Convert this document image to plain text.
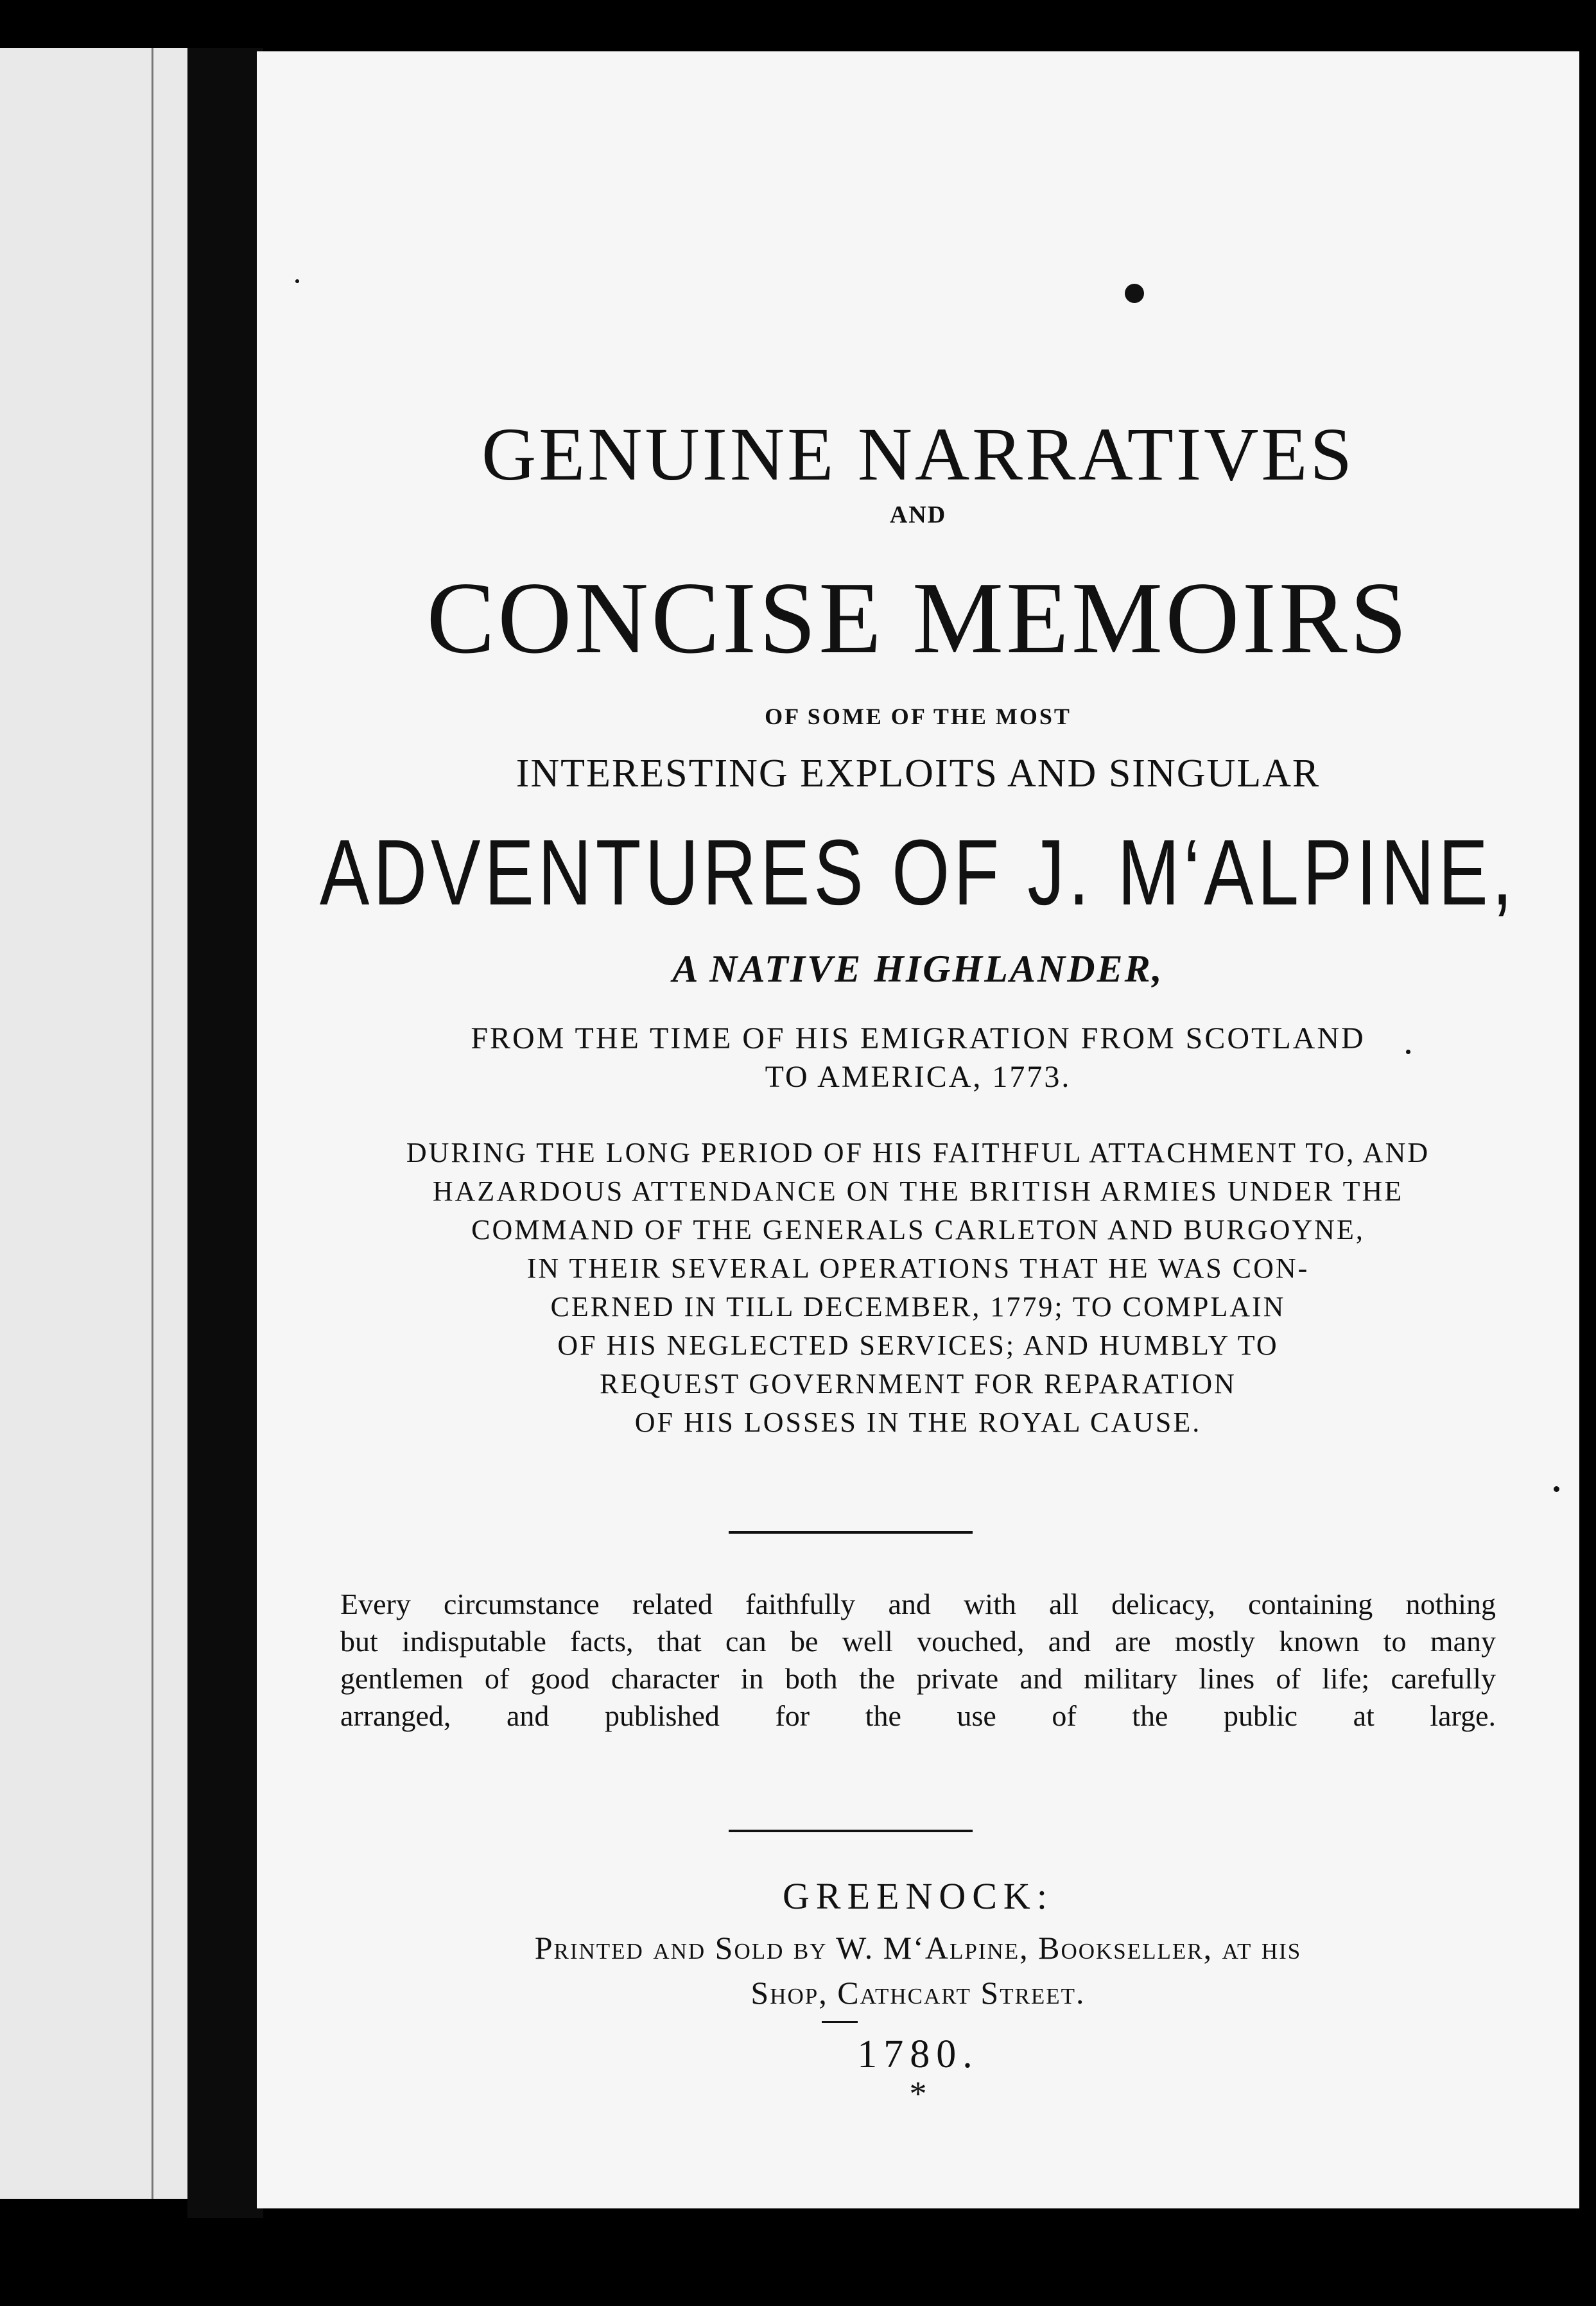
GENUINE NARRATIVES

AND

CONCISE MEMOIRS

OF SOME OF THE MOST

INTERESTING EXPLOITS AND SINGULAR

ADVENTURES OF J. M‘ALPINE,

A NATIVE HIGHLANDER,

FROM THE TIME OF HIS EMIGRATION FROM SCOTLAND

TO AMERICA, 1773.

DURING THE LONG PERIOD OF HIS FAITHFUL ATTACHMENT TO, AND

HAZARDOUS ATTENDANCE ON THE BRITISH ARMIES UNDER THE

COMMAND OF THE GENERALS CARLETON AND BURGOYNE,

IN THEIR SEVERAL OPERATIONS THAT HE WAS CON-

CERNED IN TILL DECEMBER, 1779; TO COMPLAIN

OF HIS NEGLECTED SERVICES; AND HUMBLY TO

REQUEST GOVERNMENT FOR REPARATION

OF HIS LOSSES IN THE ROYAL CAUSE.

Every circumstance related faithfully and with all delicacy, containing nothing

but indisputable facts, that can be well vouched, and are mostly known to many

gentlemen of good character in both the private and military lines of life; carefully

arranged, and published for the use of the public at large.

GREENOCK:

Printed and Sold by W. M‘Alpine, Bookseller, at his

Shop, Cathcart Street.

1780.

*
